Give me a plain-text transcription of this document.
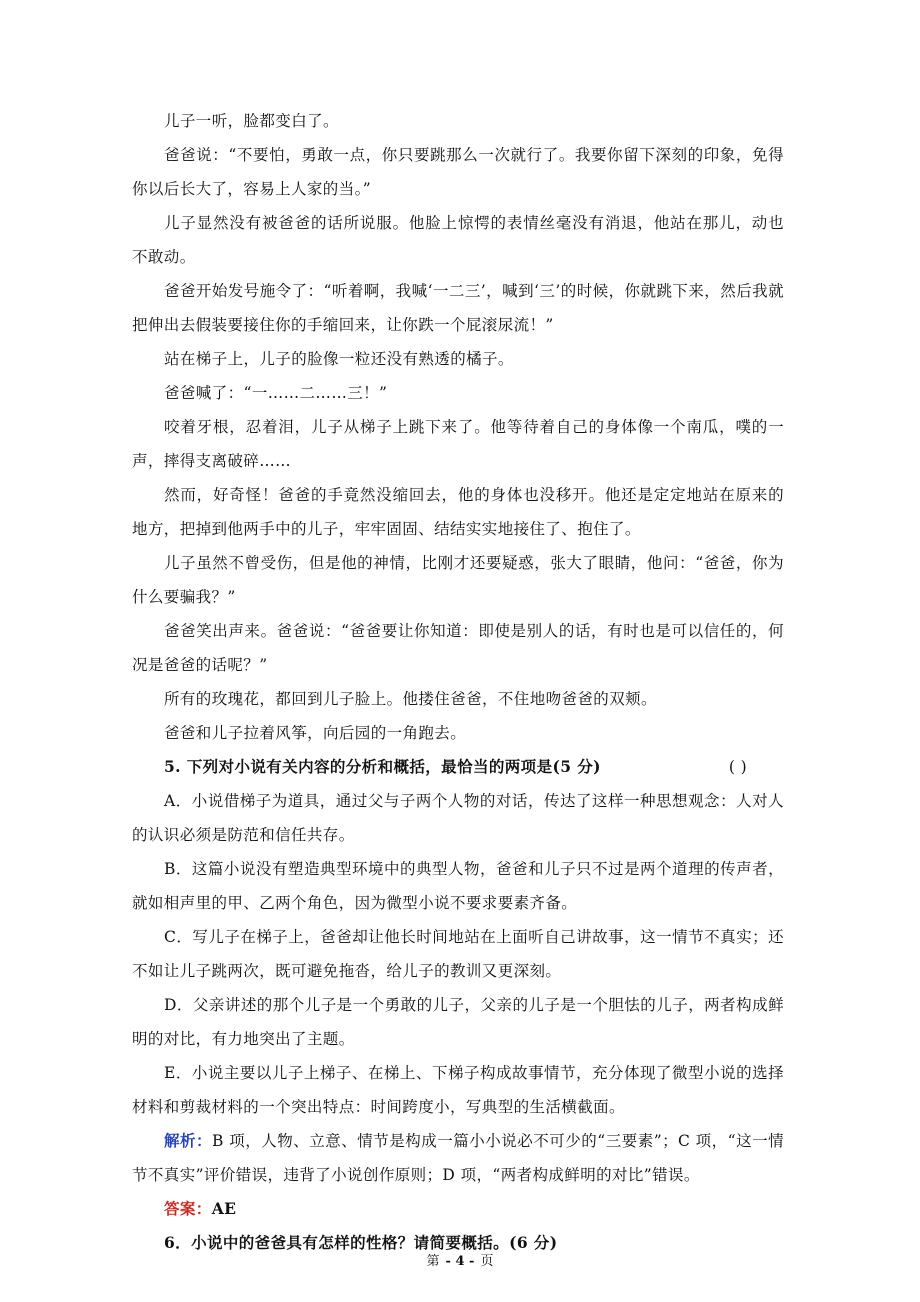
儿子一听，脸都变白了。

爸爸说：“不要怕，勇敢一点，你只要跳那么一次就行了。我要你留下深刻的印象，免得你以后长大了，容易上人家的当。”

儿子显然没有被爸爸的话所说服。他脸上惊愕的表情丝毫没有消退，他站在那儿，动也不敢动。

爸爸开始发号施令了：“听着啊，我喊‘一二三’，喊到‘三’的时候，你就跳下来，然后我就把伸出去假装要接住你的手缩回来，让你跌一个屁滚尿流！”

站在梯子上，儿子的脸像一粒还没有熟透的橘子。

爸爸喊了：“一……二……三！”

咬着牙根，忍着泪，儿子从梯子上跳下来了。他等待着自己的身体像一个南瓜，噗的一声，摔得支离破碎……

然而，好奇怪！爸爸的手竟然没缩回去，他的身体也没移开。他还是定定地站在原来的地方，把掉到他两手中的儿子，牢牢固固、结结实实地接住了、抱住了。

儿子虽然不曾受伤，但是他的神情，比刚才还要疑惑，张大了眼睛，他问：“爸爸，你为什么要骗我？”

爸爸笑出声来。爸爸说：“爸爸要让你知道：即使是别人的话，有时也是可以信任的，何况是爸爸的话呢？”

所有的玫瑰花，都回到儿子脸上。他搂住爸爸，不住地吻爸爸的双颊。

爸爸和儿子拉着风筝，向后园的一角跑去。

5. 下列对小说有关内容的分析和概括，最恰当的两项是(5 分)	( )

A．小说借梯子为道具，通过父与子两个人物的对话，传达了这样一种思想观念：人对人的认识必须是防范和信任共存。

B．这篇小说没有塑造典型环境中的典型人物，爸爸和儿子只不过是两个道理的传声者，就如相声里的甲、乙两个角色，因为微型小说不要求要素齐备。

C．写儿子在梯子上，爸爸却让他长时间地站在上面听自己讲故事，这一情节不真实；还不如让儿子跳两次，既可避免拖沓，给儿子的教训又更深刻。

D．父亲讲述的那个儿子是一个勇敢的儿子，父亲的儿子是一个胆怯的儿子，两者构成鲜明的对比，有力地突出了主题。

E．小说主要以儿子上梯子、在梯上、下梯子构成故事情节，充分体现了微型小说的选择材料和剪裁材料的一个突出特点：时间跨度小，写典型的生活横截面。

解析：B 项，人物、立意、情节是构成一篇小小说必不可少的“三要素”；C 项，“这一情节不真实”评价错误，违背了小说创作原则；D 项，“两者构成鲜明的对比”错误。

答案：AE

6．小说中的爸爸具有怎样的性格？请简要概括。(6 分)

第 - 4 - 页
